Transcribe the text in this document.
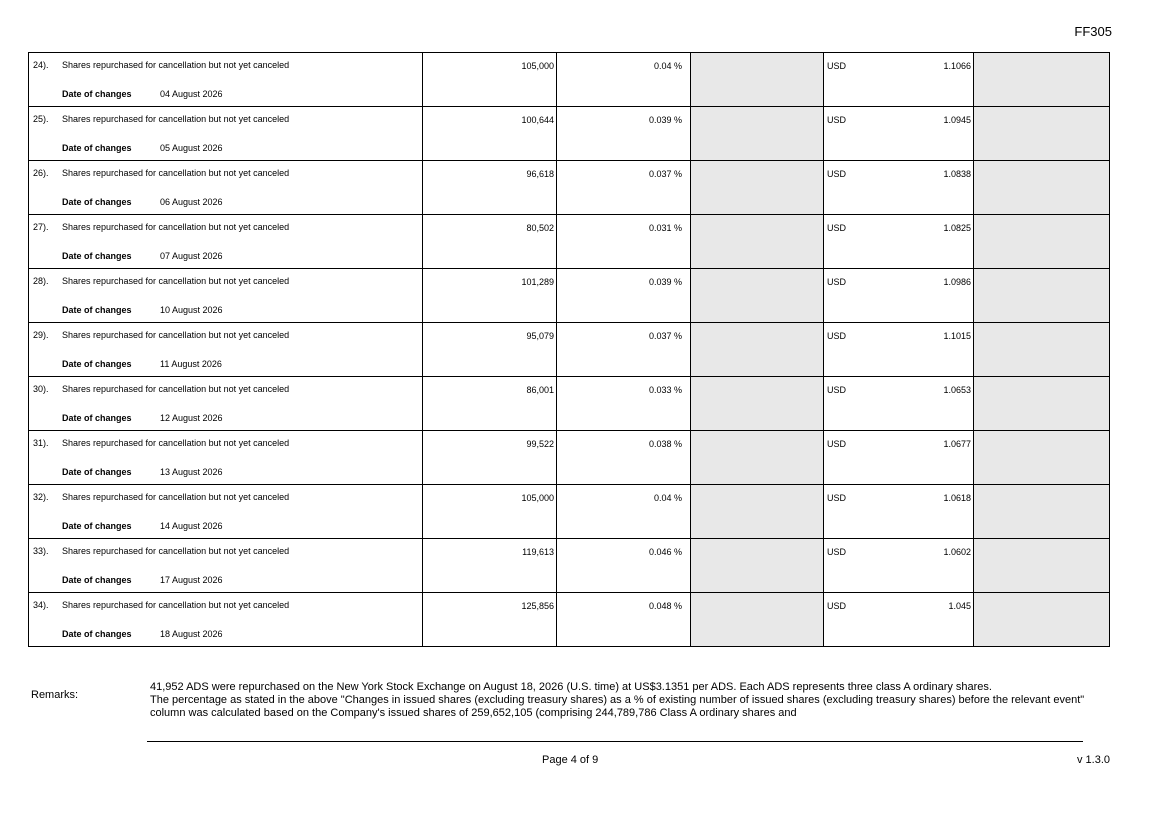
FF305
24). Shares repurchased for cancellation but not yet canceled
Date of changes 04 August 2026	105,000	0.04 %		USD 1.1066	

25). Shares repurchased for cancellation but not yet canceled
Date of changes 05 August 2026	100,644	0.039 %		USD 1.0945	

26). Shares repurchased for cancellation but not yet canceled
Date of changes 06 August 2026	96,618	0.037 %		USD 1.0838	

27). Shares repurchased for cancellation but not yet canceled
Date of changes 07 August 2026	80,502	0.031 %		USD 1.0825	

28). Shares repurchased for cancellation but not yet canceled
Date of changes 10 August 2026	101,289	0.039 %		USD 1.0986	

29). Shares repurchased for cancellation but not yet canceled
Date of changes 11 August 2026	95,079	0.037 %		USD 1.1015	

30). Shares repurchased for cancellation but not yet canceled
Date of changes 12 August 2026	86,001	0.033 %		USD 1.0653	

31). Shares repurchased for cancellation but not yet canceled
Date of changes 13 August 2026	99,522	0.038 %		USD 1.0677	

32). Shares repurchased for cancellation but not yet canceled
Date of changes 14 August 2026	105,000	0.04 %		USD 1.0618	

33). Shares repurchased for cancellation but not yet canceled
Date of changes 17 August 2026	119,613	0.046 %		USD 1.0602	

34). Shares repurchased for cancellation but not yet canceled
Date of changes 18 August 2026	125,856	0.048 %		USD 1.045	

Remarks:

41,952 ADS were repurchased on the New York Stock Exchange on August 18, 2026 (U.S. time) at US$3.1351 per ADS. Each ADS represents three class A ordinary shares.

The percentage as stated in the above "Changes in issued shares (excluding treasury shares) as a % of existing number of issued shares (excluding treasury shares) before the relevant event" column was calculated based on the Company's issued shares of 259,652,105 (comprising 244,789,786 Class A ordinary shares and

Page 4 of 9	v 1.3.0
